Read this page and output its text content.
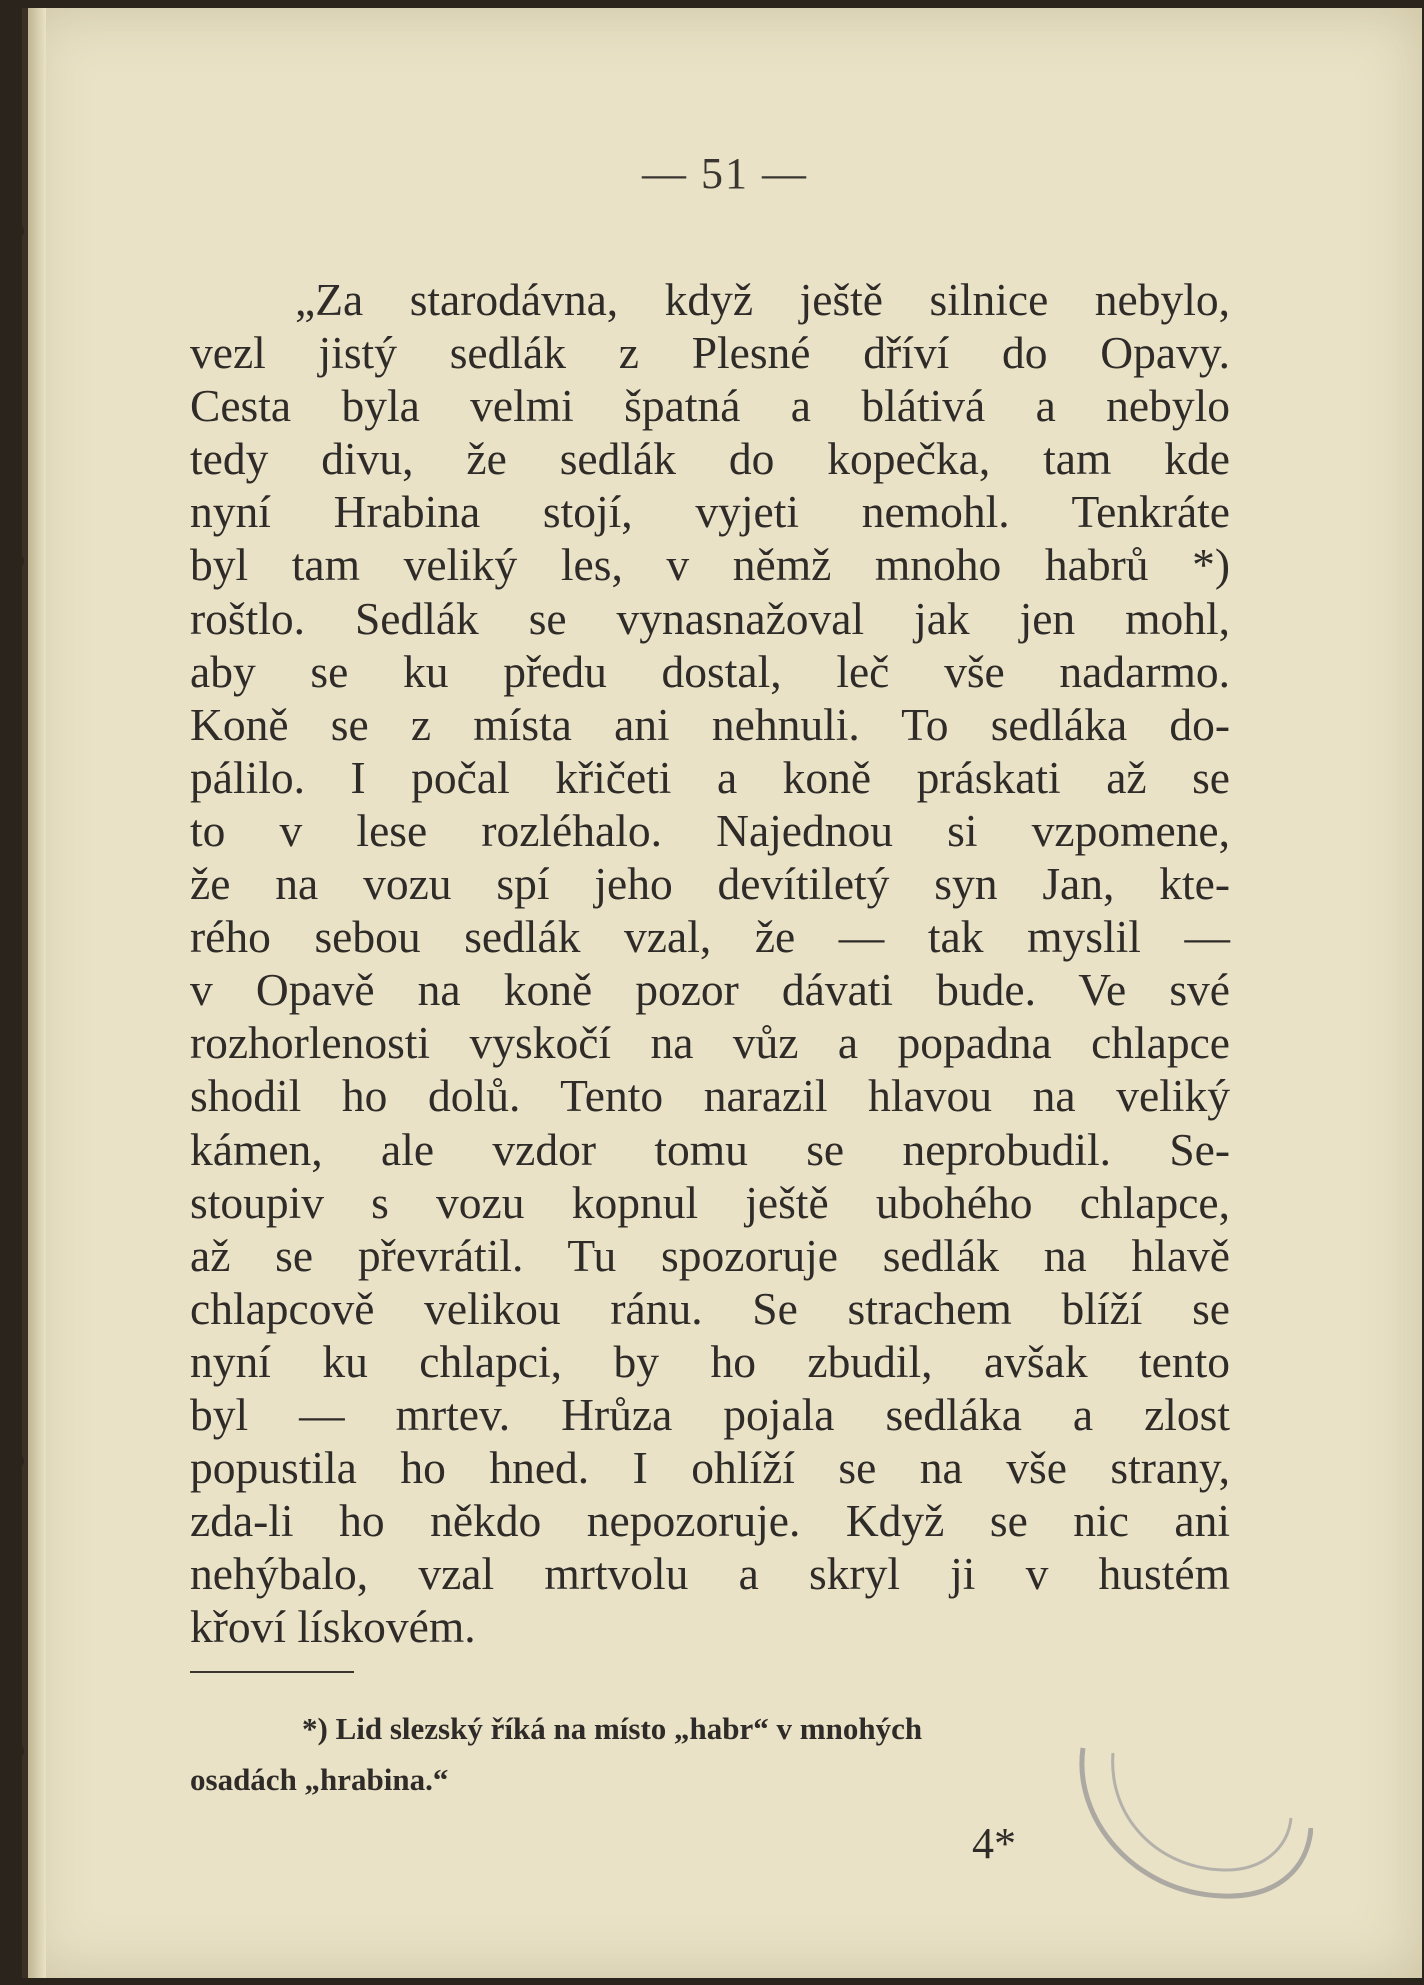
— 51 —
„Za starodávna, když ještě silnice nebylo,
vezl jistý sedlák z Plesné dříví do Opavy.
Cesta byla velmi špatná a blátivá a nebylo
tedy divu, že sedlák do kopečka, tam kde
nyní Hrabina stojí, vyjeti nemohl. Tenkráte
byl tam veliký les, v němž mnoho habrů *)
roštlo. Sedlák se vynasnažoval jak jen mohl,
aby se ku předu dostal, leč vše nadarmo.
Koně se z místa ani nehnuli. To sedláka do-
pálilo. I počal křičeti a koně práskati až se
to v lese rozléhalo. Najednou si vzpomene,
že na vozu spí jeho devítiletý syn Jan, kte-
rého sebou sedlák vzal, že — tak myslil —
v Opavě na koně pozor dávati bude. Ve své
rozhorlenosti vyskočí na vůz a popadna chlapce
shodil ho dolů. Tento narazil hlavou na veliký
kámen, ale vzdor tomu se neprobudil. Se-
stoupiv s vozu kopnul ještě ubohého chlapce,
až se převrátil. Tu spozoruje sedlák na hlavě
chlapcově velikou ránu. Se strachem blíží se
nyní ku chlapci, by ho zbudil, avšak tento
byl — mrtev. Hrůza pojala sedláka a zlost
popustila ho hned. I ohlíží se na vše strany,
zda-li ho někdo nepozoruje. Když se nic ani
nehýbalo, vzal mrtvolu a skryl ji v hustém
křoví lískovém.
*) Lid slezský říká na místo „habr“ v mnohých
osadách „hrabina.“
4*
